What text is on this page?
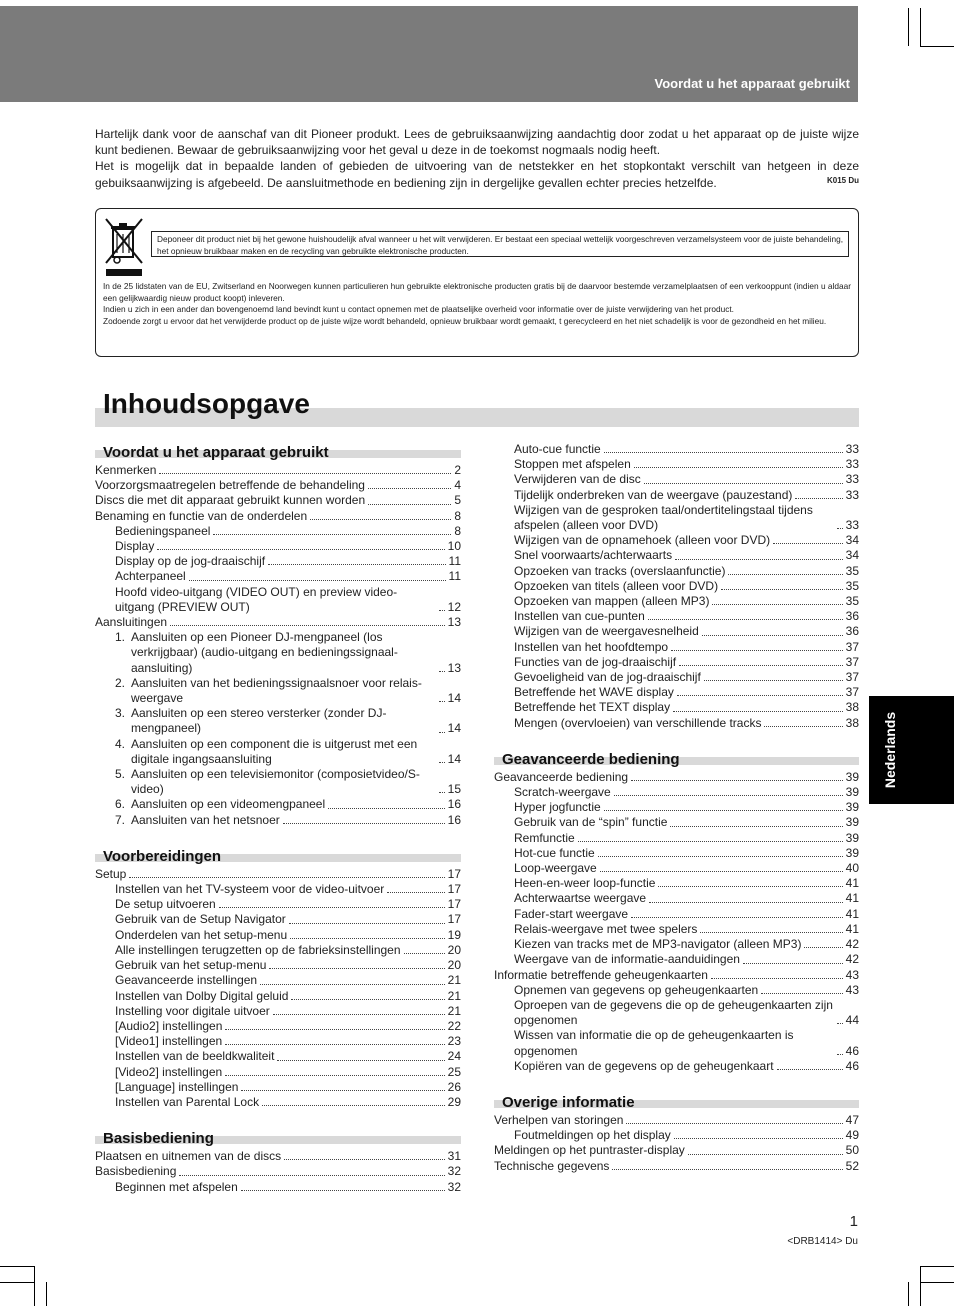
Voordat u het apparaat gebruikt

Hartelijk dank voor de aanschaf van dit Pioneer produkt. Lees de gebruiksaanwijzing aandachtig door zodat u het apparaat op de juiste wijze kunt bedienen. Bewaar de gebruiksaanwijzing voor het geval u deze in de toekomst nogmaals nodig heeft.

Het is mogelijk dat in bepaalde landen of gebieden de uitvoering van de netstekker en het stopkontakt verschilt van hetgeen in deze gebuiksaanwijzing is afgebeeld. De aansluitmethode en bediening zijn in dergelijke gevallen echter precies hetzelfde.	K015 Du
Deponeer dit product niet bij het gewone huishoudelijk afval wanneer u het wilt verwijderen. Er bestaat een speciaal wettelijk voorgeschreven verzamelsysteem voor de juiste behandeling, het opnieuw bruikbaar maken en de recycling van gebruikte elektronische producten.

In de 25 lidstaten van de EU, Zwitserland en Noorwegen kunnen particulieren hun gebruikte elektronische producten gratis bij de daarvoor bestemde verzamelplaatsen of een verkooppunt (indien u aldaar een gelijkwaardig nieuw product koopt) inleveren.

Indien u zich in een ander dan bovengenoemd land bevindt kunt u contact opnemen met de plaatselijke overheid voor informatie over de juiste verwijdering van het product.

Zodoende zorgt u ervoor dat het verwijderde product op de juiste wijze wordt behandeld, opnieuw bruikbaar wordt gemaakt, t gerecycleerd en het niet schadelijk is voor de gezondheid en het milieu.

Inhoudsopgave
Voordat u het apparaat gebruikt
Kenmerken	2
Voorzorgsmaatregelen betreffende de behandeling	4
Discs die met dit apparaat gebruikt kunnen worden	5
Benaming en functie van de onderdelen	8
Bedieningspaneel	8
Display	10
Display op de jog-draaischijf	11
Achterpaneel	11
Hoofd video-uitgang (VIDEO OUT) en preview video-uitgang (PREVIEW OUT)	12
Aansluitingen	13
1. Aansluiten op een Pioneer DJ-mengpaneel (los verkrijgbaar) (audio-uitgang en bedieningssignaal-aansluiting)	13
2. Aansluiten van het bedieningssignaalsnoer voor relais-weergave	14
3. Aansluiten op een stereo versterker (zonder DJ-mengpaneel)	14
4. Aansluiten op een component die is uitgerust met een digitale ingangsaansluiting	14
5. Aansluiten op een televisiemonitor (composietvideo/S-video)	15
6. Aansluiten op een videomengpaneel	16
7. Aansluiten van het netsnoer	16
Voorbereidingen
Setup	17
Instellen van het TV-systeem voor de video-uitvoer	17
De setup uitvoeren	17
Gebruik van de Setup Navigator	17
Onderdelen van het setup-menu	19
Alle instellingen terugzetten op de fabrieksinstellingen	20
Gebruik van het setup-menu	20
Geavanceerde instellingen	21
Instellen van Dolby Digital geluid	21
Instelling voor digitale uitvoer	21
[Audio2] instellingen	22
[Video1] instellingen	23
Instellen van de beeldkwaliteit	24
[Video2] instellingen	25
[Language] instellingen	26
Instellen van Parental Lock	29
Basisbediening
Plaatsen en uitnemen van de discs	31
Basisbediening	32
Beginnen met afspelen	32
Auto-cue functie	33
Stoppen met afspelen	33
Verwijderen van de disc	33
Tijdelijk onderbreken van de weergave (pauzestand)	33
Wijzigen van de gesproken taal/ondertitelingstaal tijdens afspelen (alleen voor DVD)	33
Wijzigen van de opnamehoek (alleen voor DVD)	34
Snel voorwaarts/achterwaarts	34
Opzoeken van tracks (overslaanfunctie)	35
Opzoeken van titels (alleen voor DVD)	35
Opzoeken van mappen (alleen MP3)	35
Instellen van cue-punten	36
Wijzigen van de weergavesnelheid	36
Instellen van het hoofdtempo	37
Functies van de jog-draaischijf	37
Gevoeligheid van de jog-draaischijf	37
Betreffende het WAVE display	37
Betreffende het TEXT display	38
Mengen (overvloeien) van verschillende tracks	38
Geavanceerde bediening
Geavanceerde bediening	39
Scratch-weergave	39
Hyper jogfunctie	39
Gebruik van de “spin” functie	39
Remfunctie	39
Hot-cue functie	39
Loop-weergave	40
Heen-en-weer loop-functie	41
Achterwaartse weergave	41
Fader-start weergave	41
Relais-weergave met twee spelers	41
Kiezen van tracks met de MP3-navigator (alleen MP3)	42
Weergave van de informatie-aanduidingen	42
Informatie betreffende geheugenkaarten	43
Opnemen van gegevens op geheugenkaarten	43
Oproepen van de gegevens die op de geheugenkaarten zijn opgenomen	44
Wissen van informatie die op de geheugenkaarten is opgenomen	46
Kopiëren van de gegevens op de geheugenkaart	46
Overige informatie
Verhelpen van storingen	47
Foutmeldingen op het display	49
Meldingen op het puntraster-display	50
Technische gegevens	52
Nederlands
1
<DRB1414> Du
